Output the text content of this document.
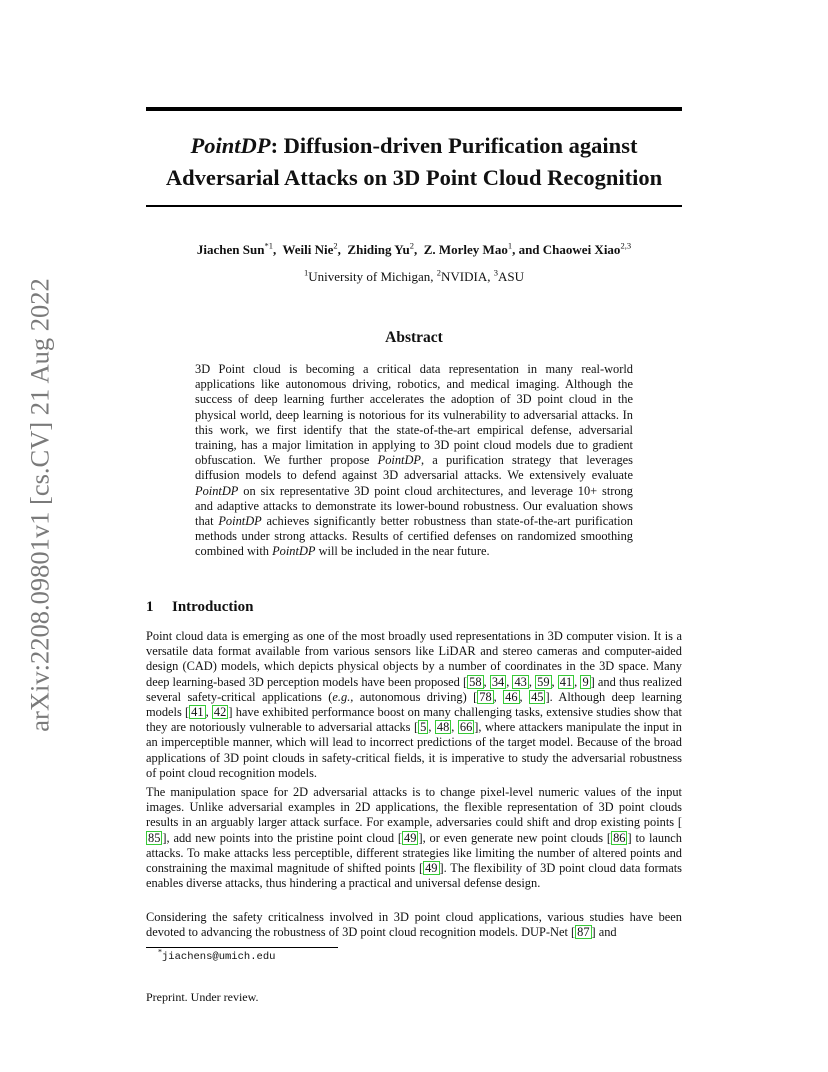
arXiv:2208.09801v1 [cs.CV] 21 Aug 2022
PointDP: Diffusion-driven Purification against
Adversarial Attacks on 3D Point Cloud Recognition
Jiachen Sun$^{*1}$,  Weili Nie$^2$,  Zhiding Yu$^2$,  Z. Morley Mao$^1$, and Chaowei Xiao$^{2,3}$
$^1$University of Michigan, $^2$NVIDIA, $^3$ASU
Abstract

3D Point cloud is becoming a critical data representation in many real-world applications like autonomous driving, robotics, and medical imaging. Although the success of deep learning further accelerates the adoption of 3D point cloud in the physical world, deep learning is notorious for its vulnerability to adversarial attacks. In this work, we first identify that the state-of-the-art empirical defense, adversarial training, has a major limitation in applying to 3D point cloud models due to gradient obfuscation. We further propose PointDP, a purification strategy that leverages diffusion models to defend against 3D adversarial attacks. We extensively evaluate PointDP on six representative 3D point cloud architectures, and leverage 10+ strong and adaptive attacks to demonstrate its lower-bound robustness. Our evaluation shows that PointDP achieves significantly better robustness than state-of-the-art purification methods under strong attacks. Results of certified defenses on randomized smoothing combined with PointDP will be included in the near future.

1 Introduction

Point cloud data is emerging as one of the most broadly used representations in 3D computer vision. It is a versatile data format available from various sensors like LiDAR and stereo cameras and computer-aided design (CAD) models, which depicts physical objects by a number of coordinates in the 3D space. Many deep learning-based 3D perception models have been proposed [ 58 , 34 , 43 , 59 , 41 , 9 ] and thus realized several safety-critical applications (e.g., autonomous driving) [ 78 , 46 , 45 ]. Although deep learning models [ 41 , 42 ] have exhibited performance boost on many challenging tasks, extensive studies show that they are notoriously vulnerable to adversarial attacks [ 5 , 48 , 66 ], where attackers manipulate the input in an imperceptible manner, which will lead to incorrect predictions of the target model. Because of the broad applications of 3D point clouds in safety-critical fields, it is imperative to study the adversarial robustness of point cloud recognition models.

The manipulation space for 2D adversarial attacks is to change pixel-level numeric values of the input images. Unlike adversarial examples in 2D applications, the flexible representation of 3D point clouds results in an arguably larger attack surface. For example, adversaries could shift and drop existing points [85 ], add new points into the pristine point cloud [ 49 ], or even generate new point clouds [ 86 ] to launch attacks. To make attacks less perceptible, different strategies like limiting the number of altered points and constraining the maximal magnitude of shifted points [ 49 ]. The flexibility of 3D point cloud data formats enables diverse attacks, thus hindering a practical and universal defense design.

Considering the safety criticalness involved in 3D point cloud applications, various studies have been devoted to advancing the robustness of 3D point cloud recognition models. DUP-Net [ 87 ] and

*jiachens@umich.edu
Preprint. Under review.
